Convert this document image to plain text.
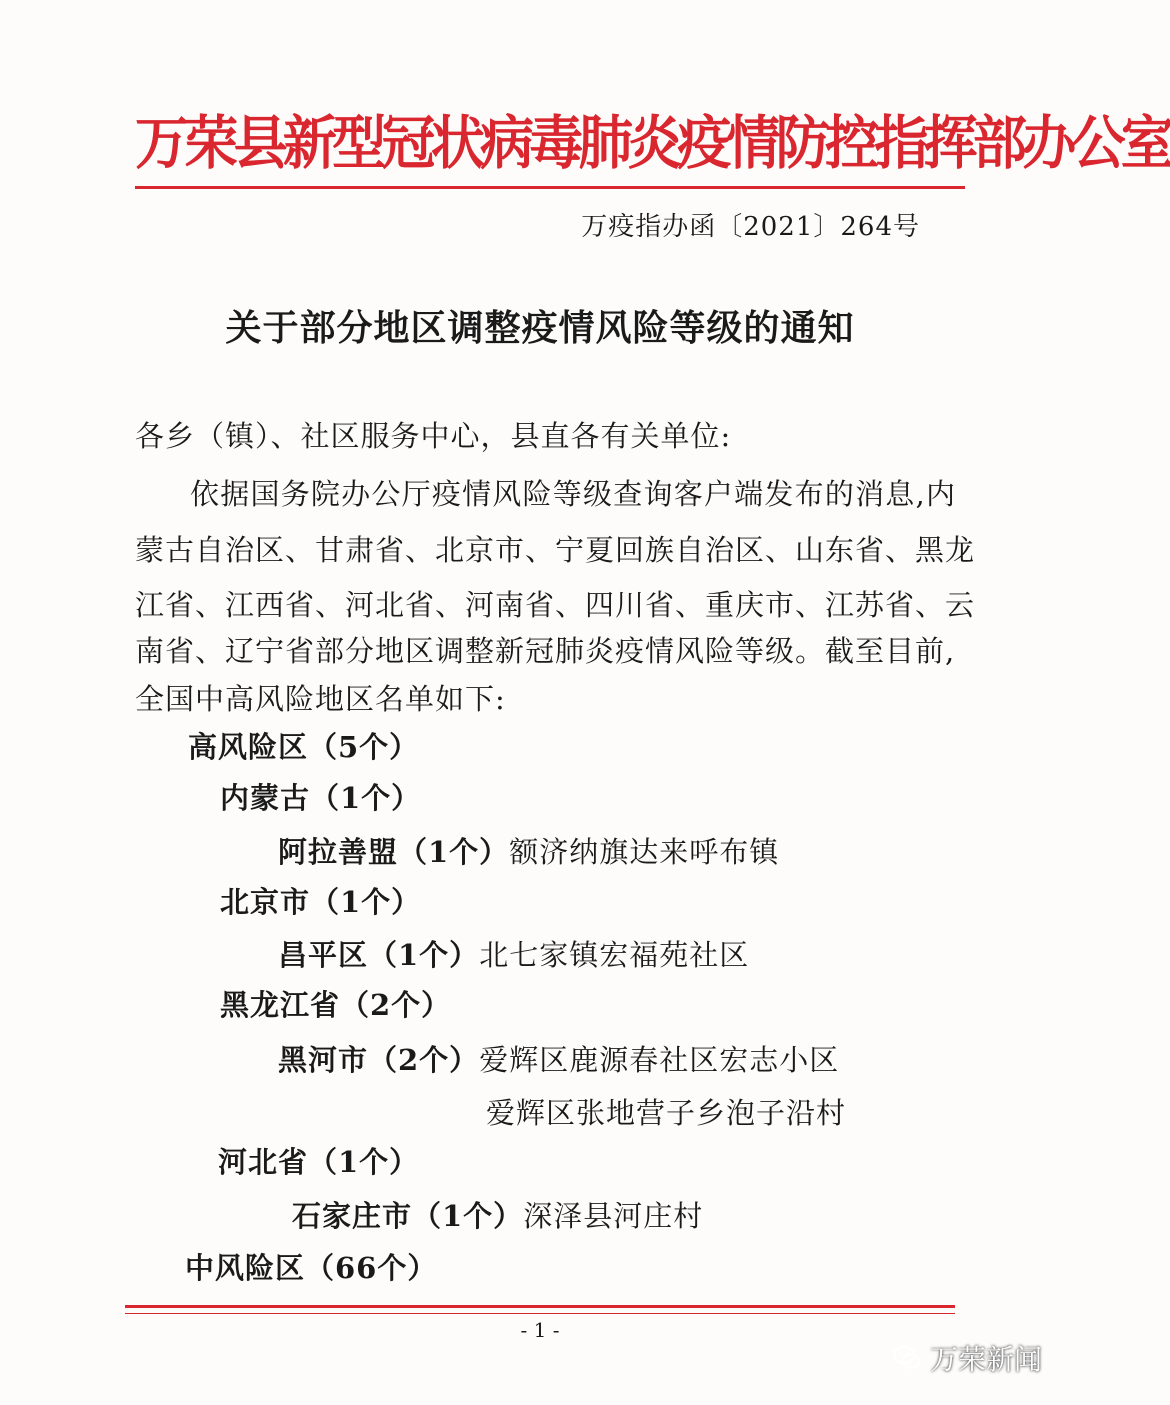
万荣县新型冠状病毒肺炎疫情防控指挥部办公室
万疫指办函〔2021〕264号
关于部分地区调整疫情风险等级的通知
各乡（镇）、社区服务中心，县直各有关单位:
依据国务院办公厅疫情风险等级查询客户端发布的消息,内
蒙古自治区、甘肃省、北京市、宁夏回族自治区、山东省、黑龙
江省、江西省、河北省、河南省、四川省、重庆市、江苏省、云
南省、辽宁省部分地区调整新冠肺炎疫情风险等级。截至目前,
全国中高风险地区名单如下:
高风险区（5个）
内蒙古（1个）
阿拉善盟（1个）额济纳旗达来呼布镇
北京市（1个）
昌平区（1个）北七家镇宏福苑社区
黑龙江省（2个）
黑河市（2个）爱辉区鹿源春社区宏志小区
爱辉区张地营子乡泡子沿村
河北省（1个）
石家庄市（1个）深泽县河庄村
中风险区（66个）
- 1 -
万荣新闻
